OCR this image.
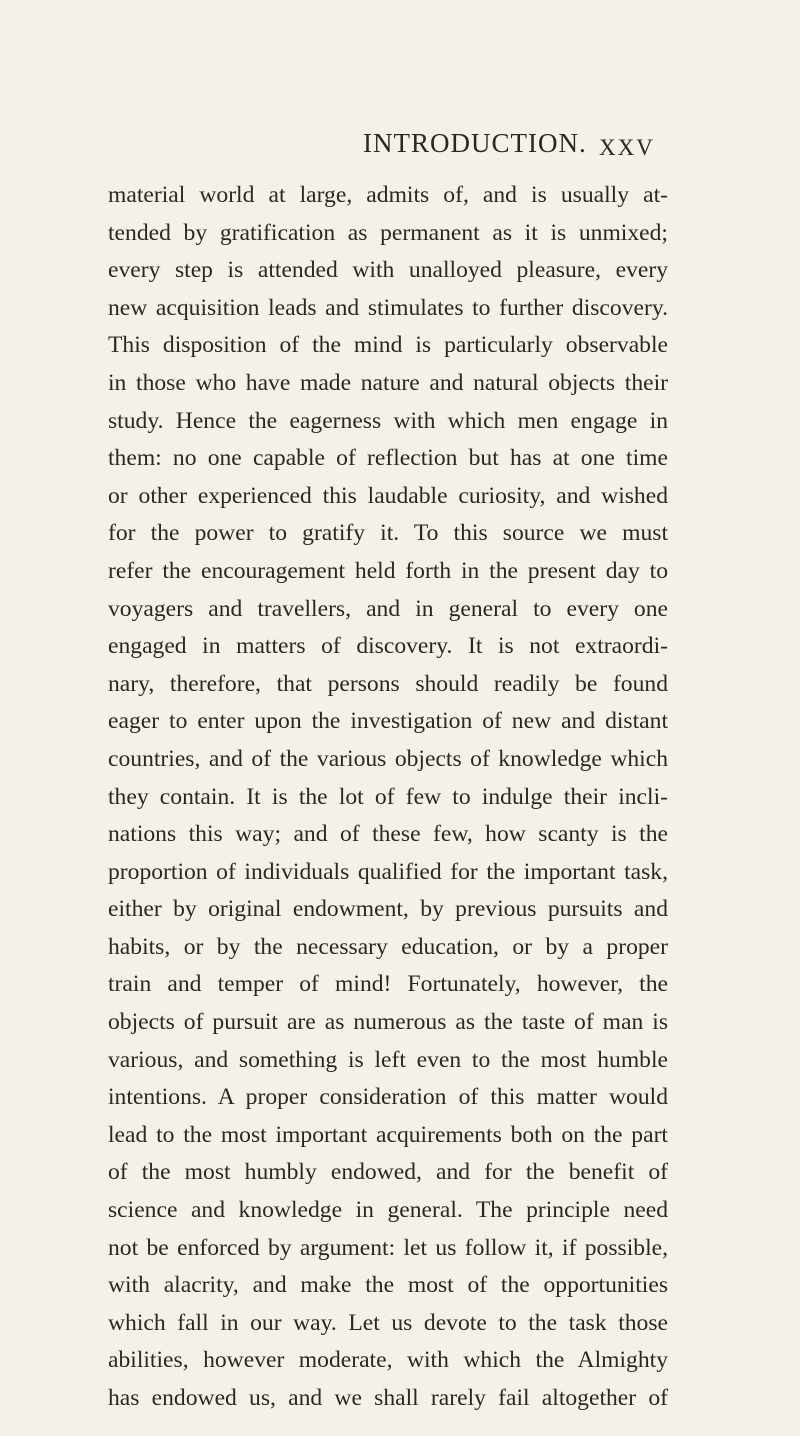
INTRODUCTION. XXV
material world at large, admits of, and is usually at-
tended by gratification as permanent as it is unmixed;
every step is attended with unalloyed pleasure, every
new acquisition leads and stimulates to further discovery.
This disposition of the mind is particularly observable
in those who have made nature and natural objects their
study. Hence the eagerness with which men engage in
them: no one capable of reflection but has at one time
or other experienced this laudable curiosity, and wished
for the power to gratify it. To this source we must
refer the encouragement held forth in the present day to
voyagers and travellers, and in general to every one
engaged in matters of discovery. It is not extraordi-
nary, therefore, that persons should readily be found
eager to enter upon the investigation of new and distant
countries, and of the various objects of knowledge which
they contain. It is the lot of few to indulge their incli-
nations this way; and of these few, how scanty is the
proportion of individuals qualified for the important task,
either by original endowment, by previous pursuits and
habits, or by the necessary education, or by a proper
train and temper of mind! Fortunately, however, the
objects of pursuit are as numerous as the taste of man is
various, and something is left even to the most humble
intentions. A proper consideration of this matter would
lead to the most important acquirements both on the part
of the most humbly endowed, and for the benefit of
science and knowledge in general. The principle need
not be enforced by argument: let us follow it, if possible,
with alacrity, and make the most of the opportunities
which fall in our way. Let us devote to the task those
abilities, however moderate, with which the Almighty
has endowed us, and we shall rarely fail altogether of
